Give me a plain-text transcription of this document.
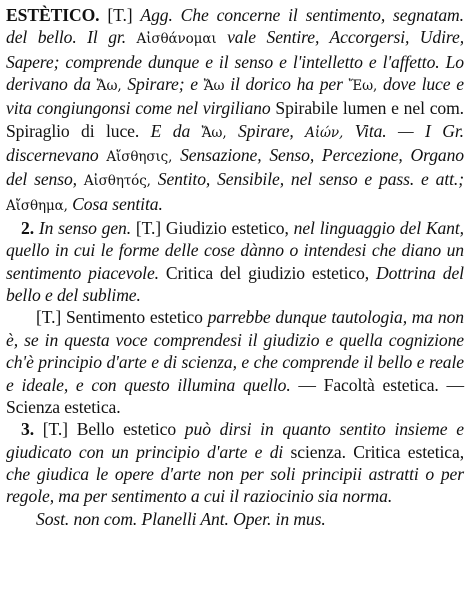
ESTÈTICO. [T.] Agg. Che concerne il sentimento, segnatam. del bello. Il gr. Αἰσθάνομαι vale Sentire, Accorgersi, Udire, Sapere; comprende dunque e il senso e l'intelletto e l'affetto. Lo derivano da Ἄω, Spirare; e Ἄω il dorico ha per Ἔω, dove luce e vita congiungonsi come nel virgiliano Spirabile lumen e nel com. Spiraglio di luce. E da Ἄω, Spirare, Αἰών, Vita. — I Gr. discernevano Αἴσθησις, Sensazione, Senso, Percezione, Organo del senso, Αἰσθητός, Sentito, Sensibile, nel senso e pass. e att.; Αἴσθημα, Cosa sentita.

2. In senso gen. [T.] Giudizio estetico, nel linguaggio del Kant, quello in cui le forme delle cose dànno o intendesi che diano un sentimento piacevole. Critica del giudizio estetico, Dottrina del bello e del sublime.

[T.] Sentimento estetico parrebbe dunque tautologia, ma non è, se in questa voce comprendesi il giudizio e quella cognizione ch'è principio d'arte e di scienza, e che comprende il bello e reale e ideale, e con questo illumina quello. — Facoltà estetica. — Scienza estetica.

3. [T.] Bello estetico può dirsi in quanto sentito insieme e giudicato con un principio d'arte e di scienza. Critica estetica, che giudica le opere d'arte non per soli principii astratti o per regole, ma per sentimento a cui il raziocinio sia norma.

Sost. non com. Planelli Ant. Oper. in mus.
